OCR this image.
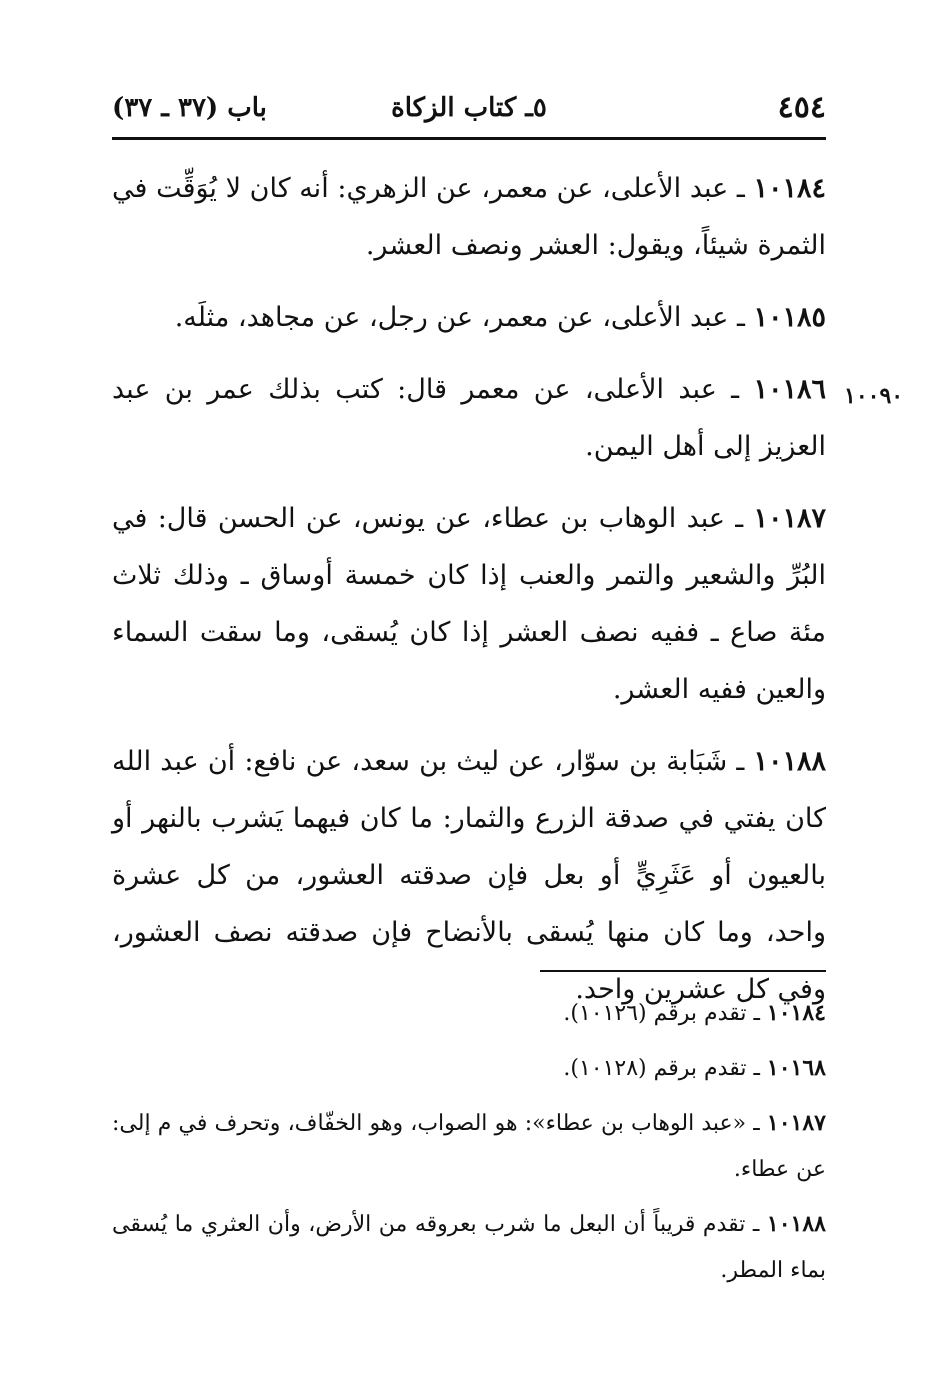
٤٥٤
٥ـ كتاب الزكاة
باب (٣٧ ـ ٣٧)
١٠٠٩٠

١٠١٨٤ ـ عبد الأعلى، عن معمر، عن الزهري: أنه كان لا يُوَقِّت في الثمرة شيئاً، ويقول: العشر ونصف العشر.

١٠١٨٥ ـ عبد الأعلى، عن معمر، عن رجل، عن مجاهد، مثلَه.

١٠١٨٦ ـ عبد الأعلى، عن معمر قال: كتب بذلك عمر بن عبد العزيز إلى أهل اليمن.

١٠١٨٧ ـ عبد الوهاب بن عطاء، عن يونس، عن الحسن قال: في البُرِّ والشعير والتمر والعنب إذا كان خمسة أوساق ـ وذلك ثلاث مئة صاع ـ ففيه نصف العشر إذا كان يُسقى، وما سقت السماء والعين ففيه العشر.

١٠١٨٨ ـ شَبَابة بن سوّار، عن ليث بن سعد، عن نافع: أن عبد الله كان يفتي في صدقة الزرع والثمار: ما كان فيهما يَشرب بالنهر أو بالعيون أو عَثَرِيٍّ أو بعل فإن صدقته العشور، من كل عشرة واحد، وما كان منها يُسقى بالأنضاح فإن صدقته نصف العشور، وفي كل عشرين واحد.

١٠١٨٤ ـ تقدم برقم (١٠١٢٦).

١٠١٦٨ ـ تقدم برقم (١٠١٢٨).

١٠١٨٧ ـ «عبد الوهاب بن عطاء»: هو الصواب، وهو الخفّاف، وتحرف في م إلى: عن عطاء.

١٠١٨٨ ـ تقدم قريباً أن البعل ما شرب بعروقه من الأرض، وأن العثري ما يُسقى بماء المطر.
